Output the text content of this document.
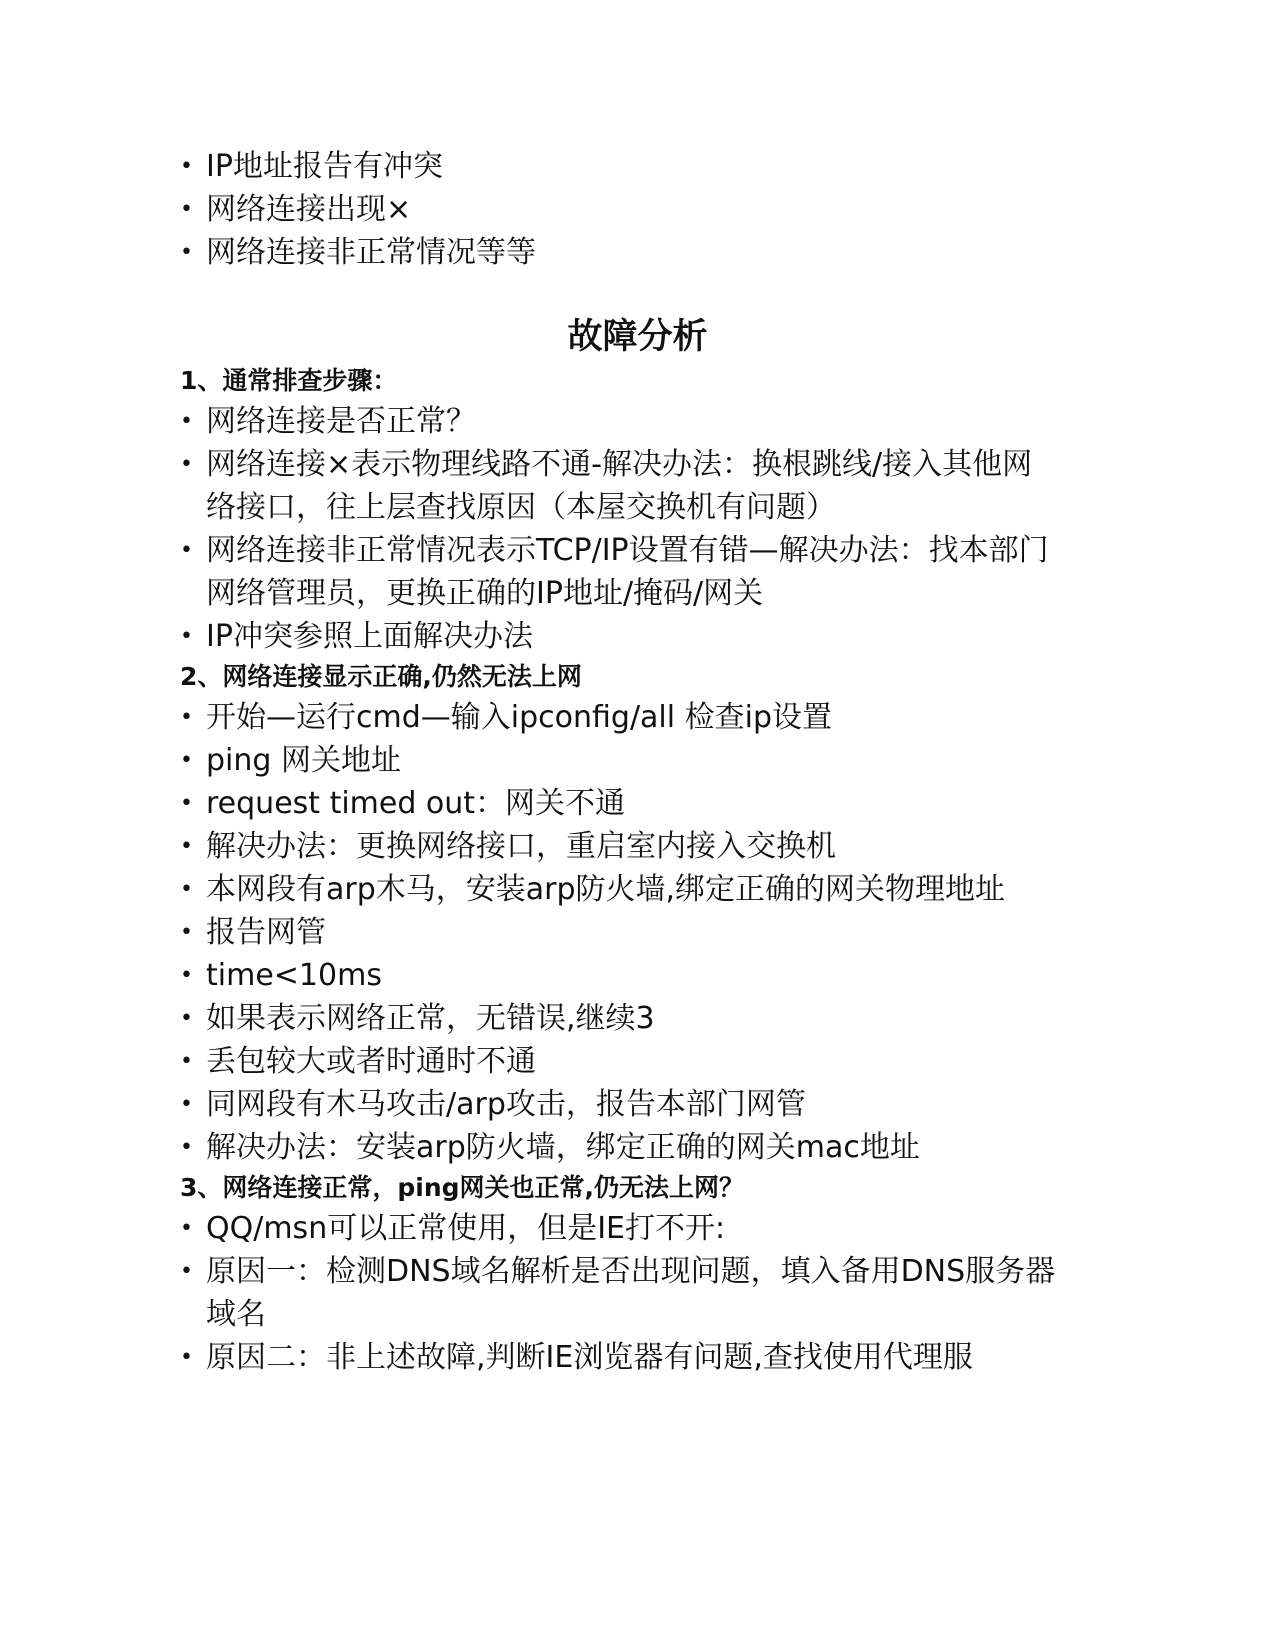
• IP地址报告有冲突
• 网络连接出现×
• 网络连接非正常情况等等
故障分析

1、通常排查步骤：

• 网络连接是否正常？
• 网络连接×表示物理线路不通-解决办法：换根跳线/接入其他网络接口，往上层查找原因（本屋交换机有问题）
• 网络连接非正常情况表示TCP/IP设置有错—解决办法：找本部门网络管理员，更换正确的IP地址/掩码/网关
• IP冲突参照上面解决办法

2、网络连接显示正确,仍然无法上网

• 开始—运行cmd—输入ipconfig/all 检查ip设置
• ping 网关地址
• request timed out：网关不通
• 解决办法：更换网络接口，重启室内接入交换机
• 本网段有arp木马，安装arp防火墙,绑定正确的网关物理地址
• 报告网管
• time<10ms
• 如果表示网络正常，无错误,继续3
• 丢包较大或者时通时不通
• 同网段有木马攻击/arp攻击，报告本部门网管
• 解决办法：安装arp防火墙，绑定正确的网关mac地址

3、网络连接正常，ping网关也正常,仍无法上网？

• QQ/msn可以正常使用，但是IE打不开:
• 原因一：检测DNS域名解析是否出现问题，填入备用DNS服务器域名
• 原因二：非上述故障,判断IE浏览器有问题,查找使用代理服
